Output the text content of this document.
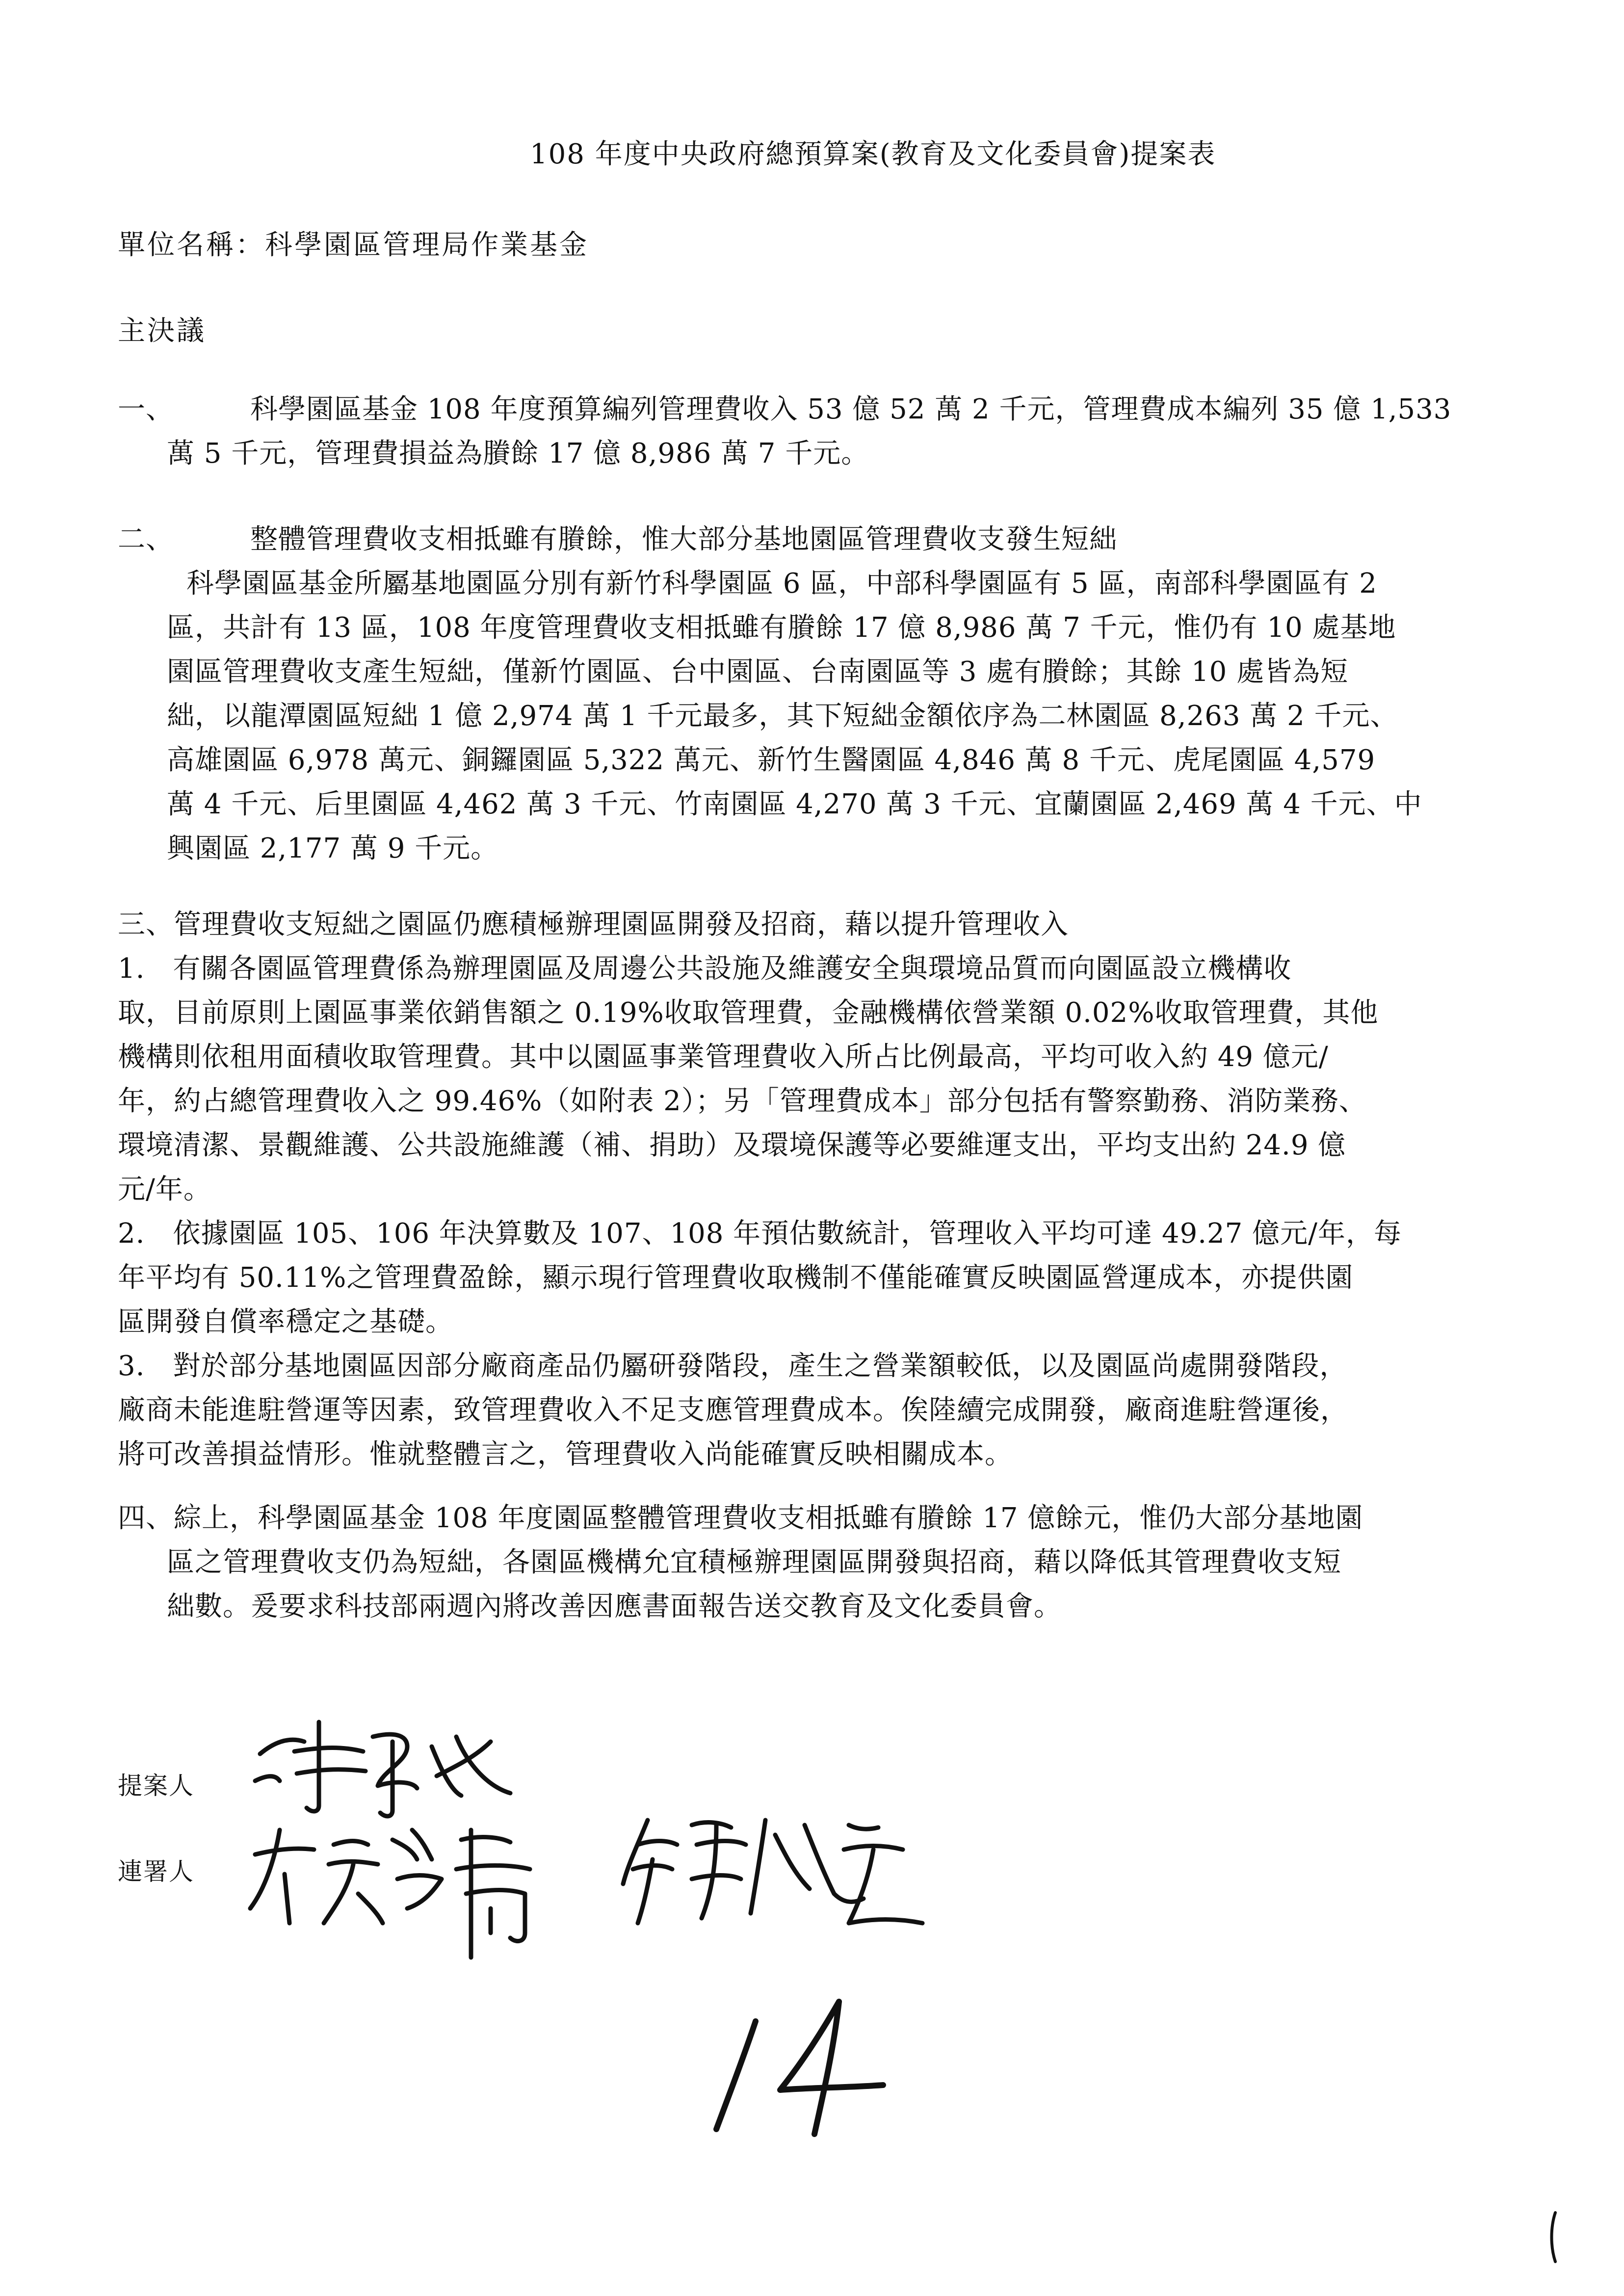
108 年度中央政府總預算案(教育及文化委員會)提案表
單位名稱：科學園區管理局作業基金
主決議
一、	科學園區基金 108 年度預算編列管理費收入 53 億 52 萬 2 千元，管理費成本編列 35 億 1,533
萬 5 千元，管理費損益為賸餘 17 億 8,986 萬 7 千元。
二、	整體管理費收支相抵雖有賸餘，惟大部分基地園區管理費收支發生短絀
科學園區基金所屬基地園區分別有新竹科學園區 6 區，中部科學園區有 5 區，南部科學園區有 2
區，共計有 13 區，108 年度管理費收支相抵雖有賸餘 17 億 8,986 萬 7 千元，惟仍有 10 處基地
園區管理費收支產生短絀，僅新竹園區、台中園區、台南園區等 3 處有賸餘；其餘 10 處皆為短
絀，以龍潭園區短絀 1 億 2,974 萬 1 千元最多，其下短絀金額依序為二林園區 8,263 萬 2 千元、
高雄園區 6,978 萬元、銅鑼園區 5,322 萬元、新竹生醫園區 4,846 萬 8 千元、虎尾園區 4,579
萬 4 千元、后里園區 4,462 萬 3 千元、竹南園區 4,270 萬 3 千元、宜蘭園區 2,469 萬 4 千元、中
興園區 2,177 萬 9 千元。
三、管理費收支短絀之園區仍應積極辦理園區開發及招商，藉以提升管理收入
1.　有關各園區管理費係為辦理園區及周邊公共設施及維護安全與環境品質而向園區設立機構收
取，目前原則上園區事業依銷售額之 0.19%收取管理費，金融機構依營業額 0.02%收取管理費，其他
機構則依租用面積收取管理費。其中以園區事業管理費收入所占比例最高，平均可收入約 49 億元/
年，約占總管理費收入之 99.46%（如附表 2）；另「管理費成本」部分包括有警察勤務、消防業務、
環境清潔、景觀維護、公共設施維護（補、捐助）及環境保護等必要維運支出，平均支出約 24.9 億
元/年。
2.　依據園區 105、106 年決算數及 107、108 年預估數統計，管理收入平均可達 49.27 億元/年，每
年平均有 50.11%之管理費盈餘，顯示現行管理費收取機制不僅能確實反映園區營運成本，亦提供園
區開發自償率穩定之基礎。
3.　對於部分基地園區因部分廠商產品仍屬研發階段，產生之營業額較低，以及園區尚處開發階段，
廠商未能進駐營運等因素，致管理費收入不足支應管理費成本。俟陸續完成開發，廠商進駐營運後，
將可改善損益情形。惟就整體言之，管理費收入尚能確實反映相關成本。
四、綜上，科學園區基金 108 年度園區整體管理費收支相抵雖有賸餘 17 億餘元，惟仍大部分基地園
區之管理費收支仍為短絀，各園區機構允宜積極辦理園區開發與招商，藉以降低其管理費收支短
絀數。爰要求科技部兩週內將改善因應書面報告送交教育及文化委員會。
提案人
連署人
